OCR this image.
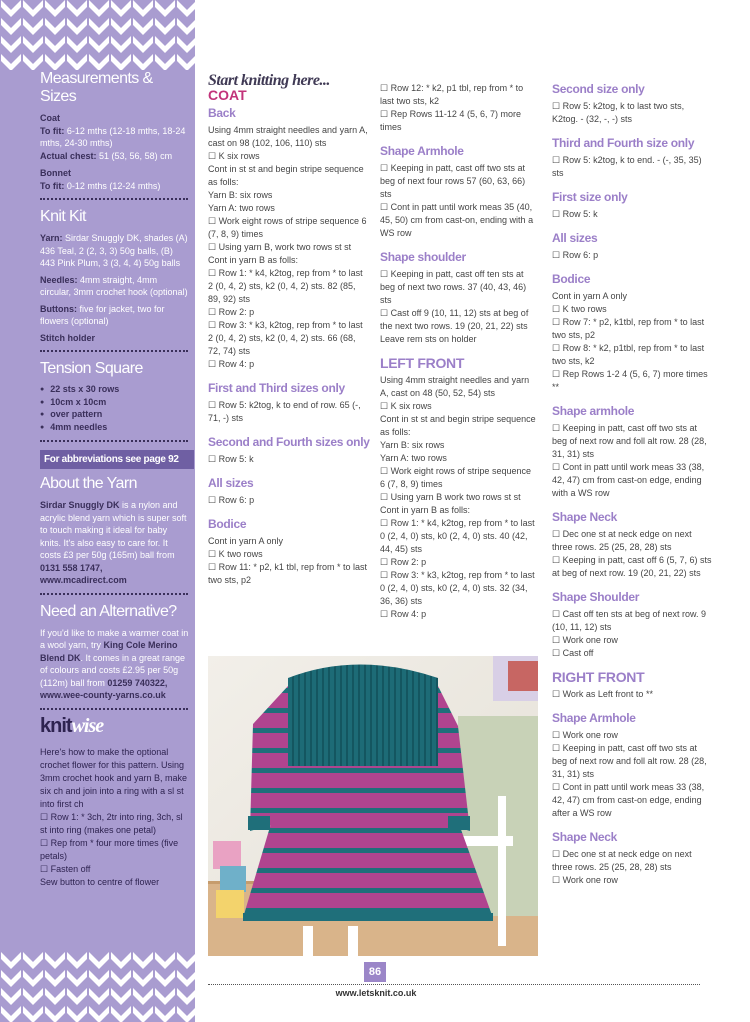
Measurements & Sizes
Coat
To fit: 6-12 mths (12-18 mths, 18-24 mths, 24-30 mths)
Actual chest: 51 (53, 56, 58) cm
Bonnet
To fit: 0-12 mths (12-24 mths)
Knit Kit
Yarn: Sirdar Snuggly DK, shades (A) 436 Teal, 2 (2, 3, 3) 50g balls, (B) 443 Pink Plum, 3 (3, 4, 4) 50g balls
Needles: 4mm straight, 4mm circular, 3mm crochet hook (optional)
Buttons: five for jacket, two for flowers (optional)
Stitch holder
Tension Square
● 22 sts x 30 rows
● 10cm x 10cm
● over pattern
● 4mm needles
For abbreviations see page 92
About the Yarn
Sirdar Snuggly DK is a nylon and acrylic blend yarn which is super soft to touch making it ideal for baby knits. It's also easy to care for. It costs £3 per 50g (165m) ball from 0131 558 1747,
www.mcadirect.com
Need an Alternative?
If you'd like to make a warmer coat in a wool yarn, try King Cole Merino Blend DK. It comes in a great range of colours and costs £2.95 per 50g (112m) ball from 01259 740322,
www.wee-county-yarns.co.uk
knitwise
Here's how to make the optional crochet flower for this pattern. Using 3mm crochet hook and yarn B, make six ch and join into a ring with a sl st into first ch
☐ Row 1: * 3ch, 2tr into ring, 3ch, sl st into ring (makes one petal)
☐ Rep from * four more times (five petals)
☐ Fasten off
Sew button to centre of flower
Start knitting here...
COAT
Back
Using 4mm straight needles and yarn A, cast on 98 (102, 106, 110) sts
☐ K six rows
Cont in st st and begin stripe sequence as folls:
Yarn B: six rows
Yarn A: two rows
☐ Work eight rows of stripe sequence 6 (7, 8, 9) times
☐ Using yarn B, work two rows st st
Cont in yarn B as folls:
☐ Row 1: * k4, k2tog, rep from * to last 2 (0, 4, 2) sts, k2 (0, 4, 2) sts. 82 (85, 89, 92) sts
☐ Row 2: p
☐ Row 3: * k3, k2tog, rep from * to last 2 (0, 4, 2) sts, k2 (0, 4, 2) sts. 66 (68, 72, 74) sts
☐ Row 4: p
First and Third sizes only
☐ Row 5: k2tog, k to end of row. 65 (-, 71, -) sts
Second and Fourth sizes only
☐ Row 5: k
All sizes
☐ Row 6: p
Bodice
Cont in yarn A only
☐ K two rows
☐ Row 11: * p2, k1 tbl, rep from * to last two sts, p2
☐ Row 12: * k2, p1 tbl, rep from * to last two sts, k2
☐ Rep Rows 11-12 4 (5, 6, 7) more times
Shape Armhole
☐ Keeping in patt, cast off two sts at beg of next four rows 57 (60, 63, 66) sts
☐ Cont in patt until work meas 35 (40, 45, 50) cm from cast-on, ending with a WS row
Shape shoulder
☐ Keeping in patt, cast off ten sts at beg of next two rows. 37 (40, 43, 46) sts
☐ Cast off 9 (10, 11, 12) sts at beg of the next two rows. 19 (20, 21, 22) sts
Leave rem sts on holder
LEFT FRONT
Using 4mm straight needles and yarn A, cast on 48 (50, 52, 54) sts
☐ K six rows
Cont in st st and begin stripe sequence as folls:
Yarn B: six rows
Yarn A: two rows
☐ Work eight rows of stripe sequence 6 (7, 8, 9) times
☐ Using yarn B work two rows st st
Cont in yarn B as folls:
☐ Row 1: * k4, k2tog, rep from * to last 0 (2, 4, 0) sts, k0 (2, 4, 0) sts. 40 (42, 44, 45) sts
☐ Row 2: p
☐ Row 3: * k3, k2tog, rep from * to last 0 (2, 4, 0) sts, k0 (2, 4, 0) sts. 32 (34, 36, 36) sts
☐ Row 4: p
Second size only
☐ Row 5: k2tog, k to last two sts, K2tog. - (32, -, -) sts
Third and Fourth size only
☐ Row 5: k2tog, k to end. - (-, 35, 35) sts
First size only
☐ Row 5: k
All sizes
☐ Row 6: p
Bodice
Cont in yarn A only
☐ K two rows
☐ Row 7: * p2, k1tbl, rep from * to last two sts, p2
☐ Row 8: * k2, p1tbl, rep from * to last two sts, k2
☐ Rep Rows 1-2 4 (5, 6, 7) more times **
Shape armhole
☐ Keeping in patt, cast off two sts at beg of next row and foll alt row. 28 (28, 31, 31) sts
☐ Cont in patt until work meas 33 (38, 42, 47) cm from cast-on edge, ending with a WS row
Shape Neck
☐ Dec one st at neck edge on next three rows. 25 (25, 28, 28) sts
☐ Keeping in patt, cast off 6 (5, 7, 6) sts at beg of next row. 19 (20, 21, 22) sts
Shape Shoulder
☐ Cast off ten sts at beg of next row. 9 (10, 11, 12) sts
☐ Work one row
☐ Cast off
RIGHT FRONT
☐ Work as Left front to **
Shape Armhole
☐ Work one row
☐ Keeping in patt, cast off two sts at beg of next row and foll alt row. 28 (28, 31, 31) sts
☐ Cont in patt until work meas 33 (38, 42, 47) cm from cast-on edge, ending after a WS row
Shape Neck
☐ Dec one st at neck edge on next three rows. 25 (25, 28, 28) sts
☐ Work one row
86
www.letsknit.co.uk
